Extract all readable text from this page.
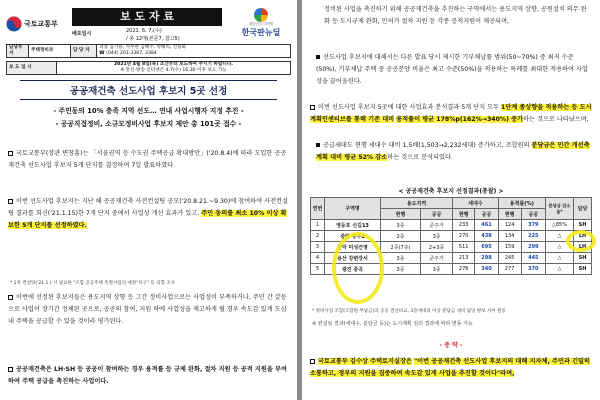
국토교통부
보 도 자 료
배포일시	2021. 6. 7.(수)
/ 총 12매(본문7, 참고5)
대한민국 대전환
한국판뉴딜
담당부서	주택정비과	담 당 자	
과장 김기용, 사무관 김혜주, 박해리, 신용화
☎ (044) 201-3387, 3384
보 도 일 시	
2021년 4월 8일(목) 조간부터 보도하여 주시기 바랍니다.
※ 통신·방송·인터넷은 4.7(수) 16:30 이후 보도 가능
공공재건축 선도사업 후보지 5곳 선정
- 주민동의 10% 충족 지역 선도… 연내 사업시행자 지정 추진 -
- 공공직접정비, 소규모정비사업 후보지 제안 총 101곳 접수 -
국토교통부(장관 변창흠)는 「서울권역 등 수도권 주택공급 확대방안」('20.8.4)에 따라 도입한 공공재건축 선도사업 후보지 5개 단지를 결정하여 7일 발표하였다.
이번 선도사업 후보지는 지난 해 공공재건축 사전컨설팅 공모('20.8.21.~9.30)에 참여하여 사전컨설팅 결과를 회신('21.1.15)한 7개 단지 중에서 사업성 개선 효과가 있고, 주민 동의를 최소 10% 이상 확보한 5개 단지를 선정하였다.
* 1차 컨설팅('21.1.) 시 필요한 "조합 공공주택 특별사업의 예정"치구" 등 의향 조사
이번에 선정된 후보지들은 용도지역 상향 등 그간 정비사업으로는 사업성이 부족하거나, 주민 간 갈등으로 사업이 장기간 정체된 곳으로, 공공의 참여, 지원 하에 사업성을 제고하게 될 경우 속도감 있게 도심 내 주택을 공급할 수 있을 것이라 평가된다.
공공재건축은 LH·SH 등 공공이 참여하는 경우 용적률 등 규제 완화, 절차 지원 등 공적 지원을 부여하여 주택 공급을 촉진하는 사업이다.
정비된 사업을 촉진하기 위해 공공재건축을 추진하는 구역에서는 용도지역 상향, 공원설치 의무 완화 등 도시규제 완화, 인허가 절차 지원 등 각종 공적지원이 제공되며,
선도사업 후보지에 대해서는 다른 발표 당시 제시한 기부채납률 범위(50~70%) 중 최저 수준(50%), 기부채납 주택 중 공공분양 비율은 최고 수준(50%)을 적용하는 특례를 최대한 적용하여 사업성을 끌어올린다.
이번 선도사업 후보지 5곳에 대한 사업효과 분석결과 5개 단지 모두 1단계 종상향을 적용하는 등 도시계획인센티브를 통해 기존 대비 용적률이 평균 178%p(162%→340%) 증가하는 것으로 나타났으며,
공급세대도 현행 세대수 대비 1.5배(1,503→2,232세대) 증가하고, 조합원의 분담금은 민간 개선축 계획 대비 평균 52% 감소하는 것으로 분석되었다.
< 공공재건축 후보지 선정결과(총괄) >
연번	구역명	용도지역		세대수		용적률(%)		분담금 감소율*	담당
		현행	공공	현행	공공	현행	공공		
1	영등포 신길13	3종	준주거	233	461	124	379	△85%	SH
2	중랑 망우1	2종	3종	270	438	134	225	△	LH
3	관악 미성건영	2종(7층)	2+3종	511	695	159	299	△	LH
4	용산 강변강서	3종	준주거	213	298	245	445	△	SH
5	광진 중곡	3종	3종	276	340	277	370	△	SH
* 정비사업 조합(조합원 부담금)과 공공 결산비교, 3층세대의 이상 분담금 대비 담당 발보 사이 원동
※ 컨설팅 결과(세대수, 분담금 등)는 도시계획 심의 결과에 따라 변동 가능
- 중 략 -
국토교통부 김수상 주택토지실장은 "이번 공공재건축 선도사업 후보지의 대해 지자체, 주민과 긴밀히 소통하고, 정부의 지원을 집중하여 속도감 있게 사업을 추진할 것이다"라며,
